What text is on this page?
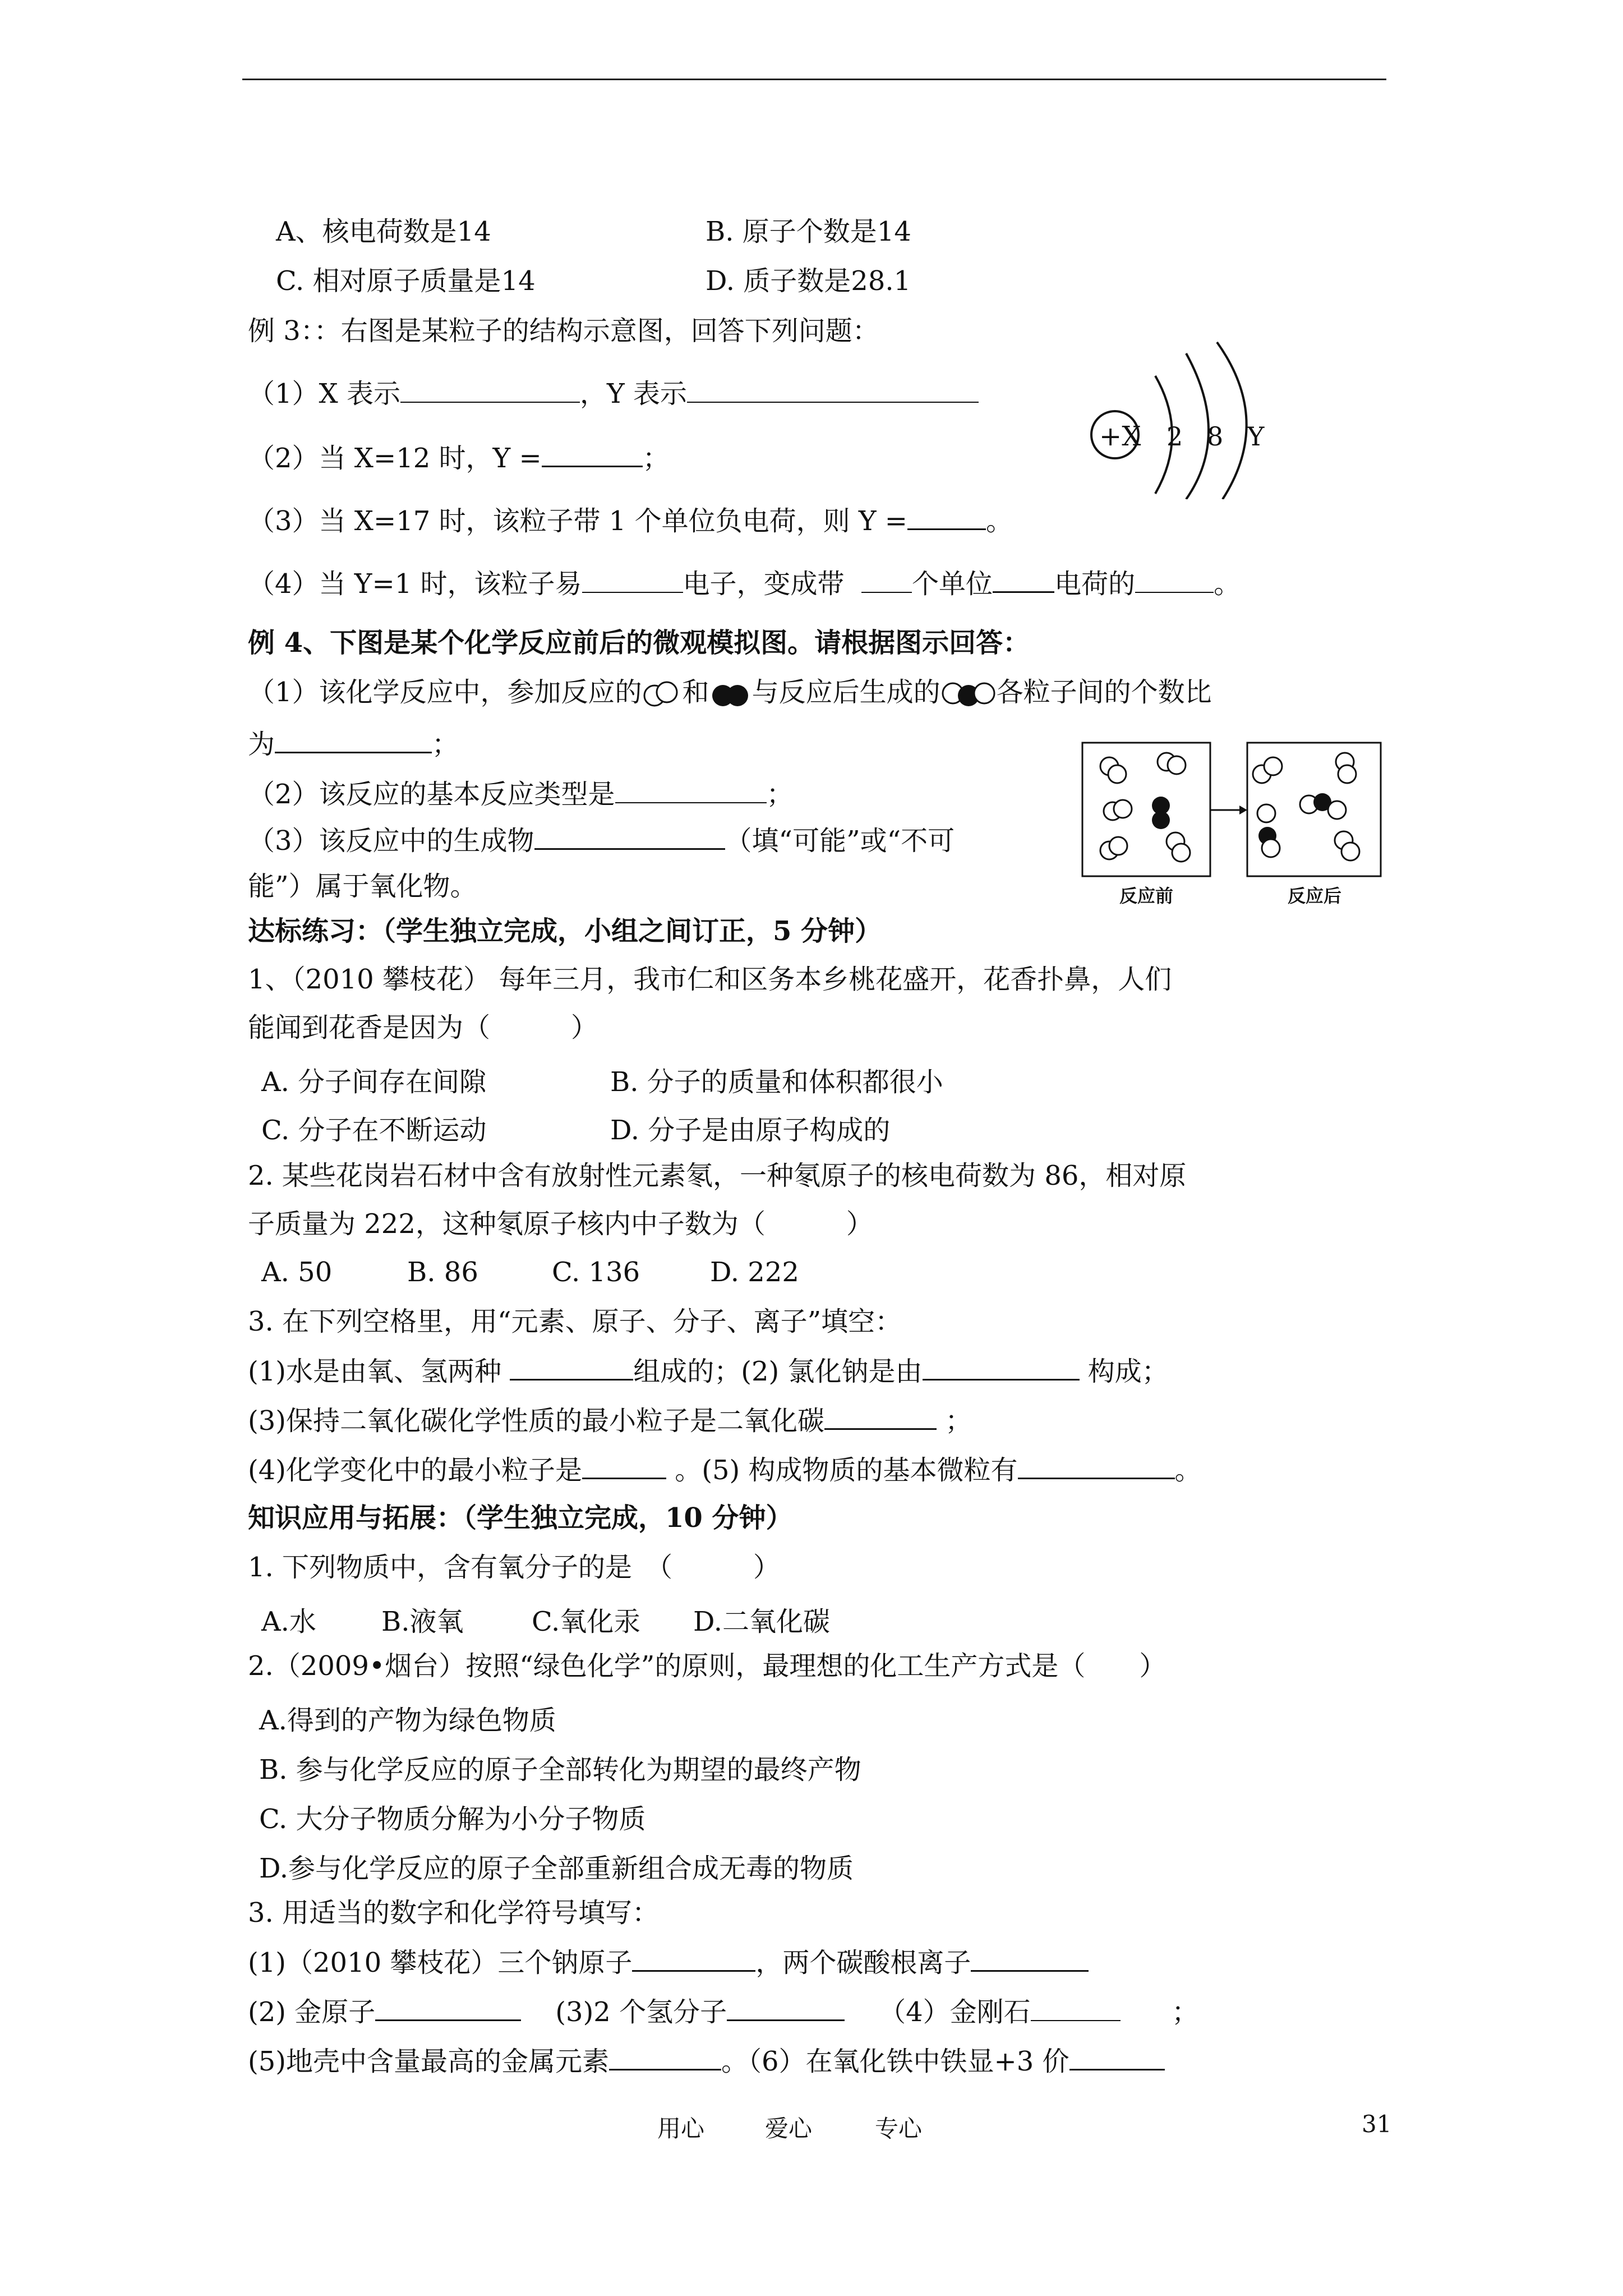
A、核电荷数是14	B. 原子个数是14
C. 相对原子质量是14	D. 质子数是28.1
例 3：：右图是某粒子的结构示意图，回答下列问题：
（1）X 表示	，Y 表示
（2）当 X=12 时，Y =	；
（3）当 X=17 时，该粒子带 1 个单位负电荷，则 Y =	。
（4）当 Y=1 时，该粒子易	电子，变成带	个单位 电荷的	。
+X 2 8 Y
例 4、下图是某个化学反应前后的微观模拟图。请根据图示回答：
（1）该化学反应中，参加反应的 和 与反应后生成的 各粒子间的个数比
为	；
（2）该反应的基本反应类型是	；
（3）该反应中的生成物	（填“可能”或“不可
能”）属于氧化物。	反应前	反应后
达标练习：（学生独立完成，小组之间订正，5 分钟）
1、（2010 攀枝花） 每年三月，我市仁和区务本乡桃花盛开，花香扑鼻，人们
能闻到花香是因为（　　　）
A. 分子间存在间隙	B. 分子的质量和体积都很小
C. 分子在不断运动	D. 分子是由原子构成的
2. 某些花岗岩石材中含有放射性元素氡，一种氡原子的核电荷数为 86，相对原
子质量为 222，这种氡原子核内中子数为（　　　）
A. 50	B. 86	C. 136	D. 222
3. 在下列空格里，用“元素、原子、分子、离子”填空：
(1)水是由氧、氢两种	组成的；(2) 氯化钠是由	构成；
(3)保持二氧化碳化学性质的最小粒子是二氧化碳	；
(4)化学变化中的最小粒子是	。(5) 构成物质的基本微粒有	。
知识应用与拓展：（学生独立完成，10 分钟）
1. 下列物质中，含有氧分子的是　（　　　）
A.水 B.液氧	C.氧化汞 D.二氧化碳
2.（2009•烟台）按照“绿色化学”的原则，最理想的化工生产方式是（　　）
A.得到的产物为绿色物质
B. 参与化学反应的原子全部转化为期望的最终产物
C. 大分子物质分解为小分子物质
D.参与化学反应的原子全部重新组合成无毒的物质
3. 用适当的数字和化学符号填写：
(1)（2010 攀枝花）三个钠原子	，两个碳酸根离子
(2) 金原子	(3)2 个氢分子	（4）金刚石	；
(5)地壳中含量最高的金属元素	。（6）在氧化铁中铁显+3 价
用心	爱心	专心	31
